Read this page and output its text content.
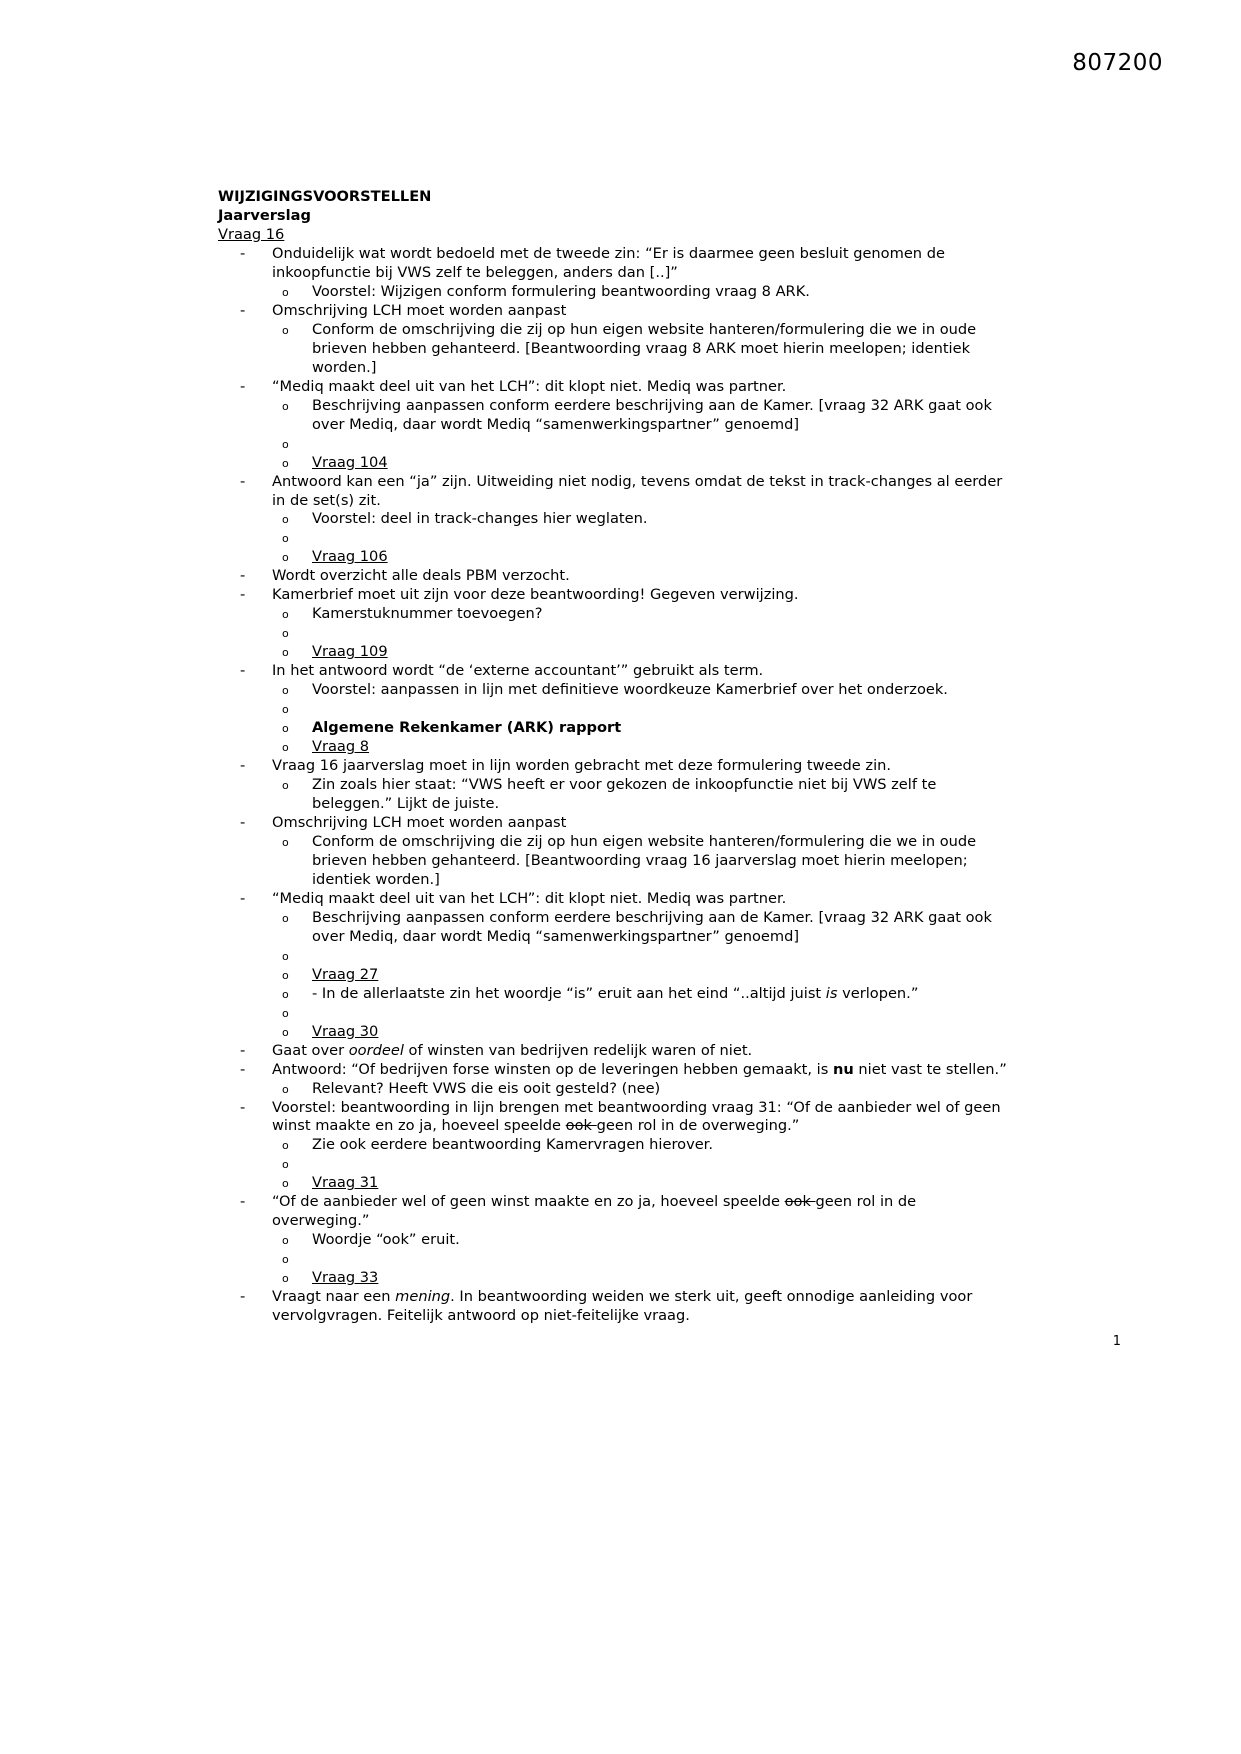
807200
WIJZIGINGSVOORSTELLEN
Jaarverslag
Vraag 16
- Onduidelijk wat wordt bedoeld met de tweede zin: “Er is daarmee geen besluit genomen de inkoopfunctie bij VWS zelf te beleggen, anders dan [..]”
o Voorstel: Wijzigen conform formulering beantwoording vraag 8 ARK.
- Omschrijving LCH moet worden aanpast
o Conform de omschrijving die zij op hun eigen website hanteren/formulering die we in oude brieven hebben gehanteerd. [Beantwoording vraag 8 ARK moet hierin meelopen; identiek worden.]
- “Mediq maakt deel uit van het LCH”: dit klopt niet. Mediq was partner.
o Beschrijving aanpassen conform eerdere beschrijving aan de Kamer. [vraag 32 ARK gaat ook over Mediq, daar wordt Mediq “samenwerkingspartner” genoemd]
o
o Vraag 104
- Antwoord kan een “ja” zijn. Uitweiding niet nodig, tevens omdat de tekst in track-changes al eerder in de set(s) zit.
o Voorstel: deel in track-changes hier weglaten.
o
o Vraag 106
- Wordt overzicht alle deals PBM verzocht.
- Kamerbrief moet uit zijn voor deze beantwoording! Gegeven verwijzing.
o Kamerstuknummer toevoegen?
o
o Vraag 109
- In het antwoord wordt “de ‘externe accountant’” gebruikt als term.
o Voorstel: aanpassen in lijn met definitieve woordkeuze Kamerbrief over het onderzoek.
o
o Algemene Rekenkamer (ARK) rapport
o Vraag 8
- Vraag 16 jaarverslag moet in lijn worden gebracht met deze formulering tweede zin.
o Zin zoals hier staat: “VWS heeft er voor gekozen de inkoopfunctie niet bij VWS zelf te beleggen.” Lijkt de juiste.
- Omschrijving LCH moet worden aanpast
o Conform de omschrijving die zij op hun eigen website hanteren/formulering die we in oude brieven hebben gehanteerd. [Beantwoording vraag 16 jaarverslag moet hierin meelopen; identiek worden.]
- “Mediq maakt deel uit van het LCH”: dit klopt niet. Mediq was partner.
o Beschrijving aanpassen conform eerdere beschrijving aan de Kamer. [vraag 32 ARK gaat ook over Mediq, daar wordt Mediq “samenwerkingspartner” genoemd]
o
o Vraag 27
o - In de allerlaatste zin het woordje “is” eruit aan het eind “..altijd juist is verlopen.”
o
o Vraag 30
- Gaat over oordeel of winsten van bedrijven redelijk waren of niet.
- Antwoord: “Of bedrijven forse winsten op de leveringen hebben gemaakt, is nu niet vast te stellen.”
o Relevant? Heeft VWS die eis ooit gesteld? (nee)
- Voorstel: beantwoording in lijn brengen met beantwoording vraag 31: “Of de aanbieder wel of geen winst maakte en zo ja, hoeveel speelde ook geen rol in de overweging.”
o Zie ook eerdere beantwoording Kamervragen hierover.
o
o Vraag 31
- “Of de aanbieder wel of geen winst maakte en zo ja, hoeveel speelde ook geen rol in de overweging.”
o Woordje “ook” eruit.
o
o Vraag 33
- Vraagt naar een mening. In beantwoording weiden we sterk uit, geeft onnodige aanleiding voor vervolgvragen. Feitelijk antwoord op niet-feitelijke vraag.
1
